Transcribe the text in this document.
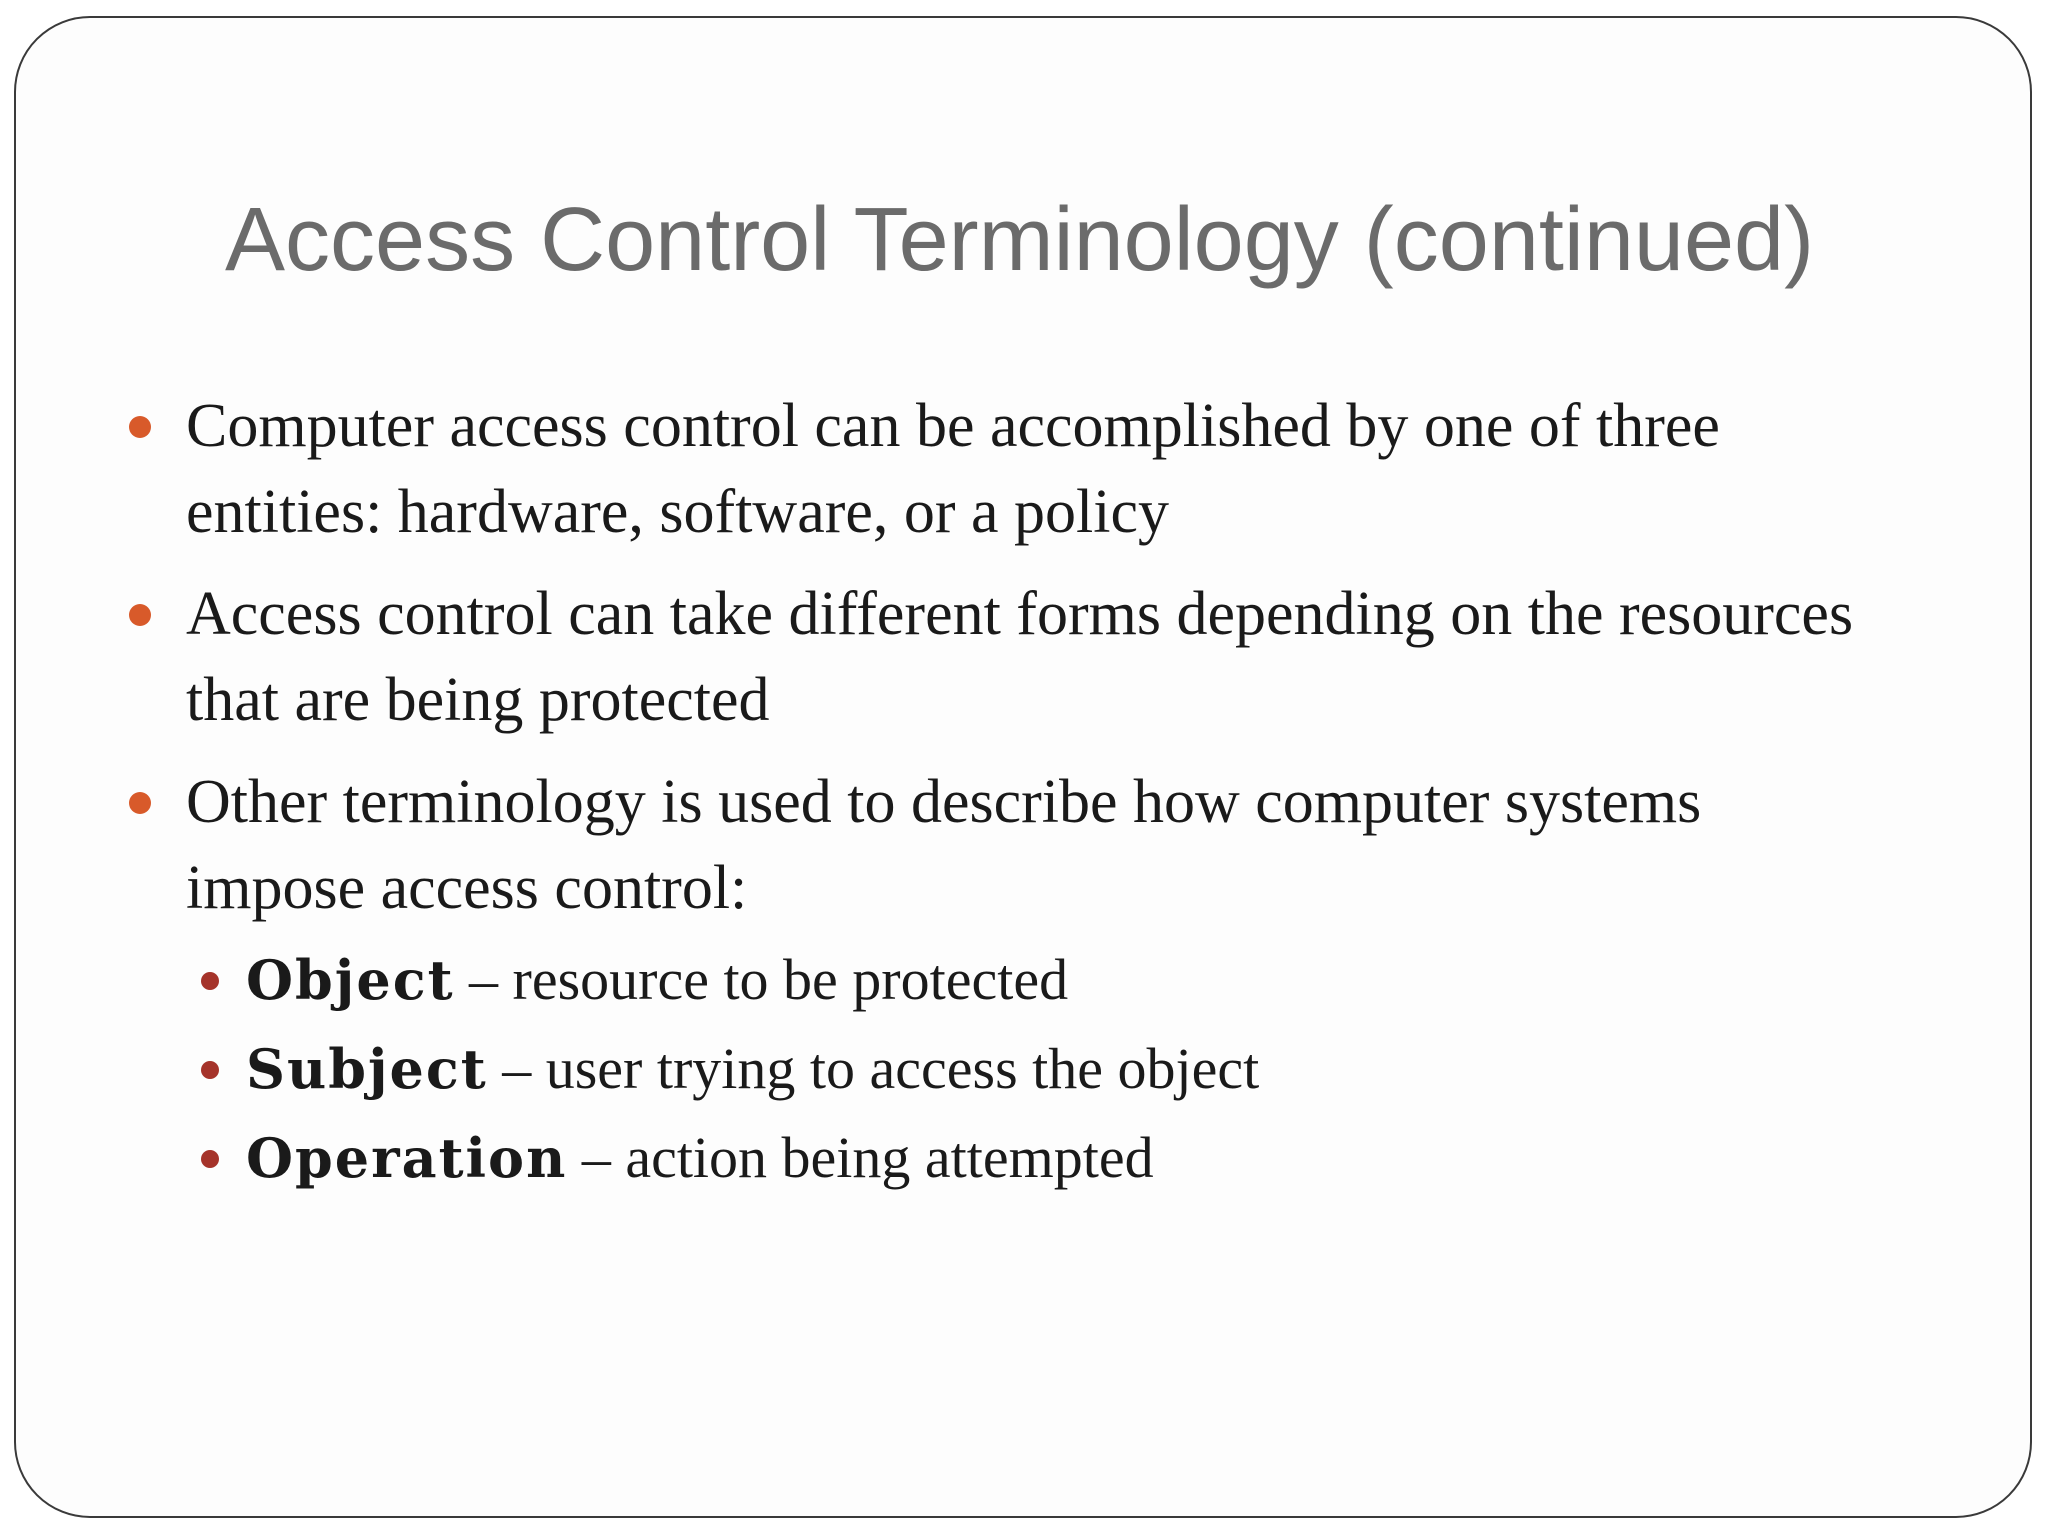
Access Control Terminology (continued)
Computer access control can be accomplished by one of three entities: hardware, software, or a policy
Access control can take different forms depending on the resources that are being protected
Other terminology is used to describe how computer systems impose access control:
Object – resource to be protected
Subject – user trying to access the object
Operation – action being attempted
